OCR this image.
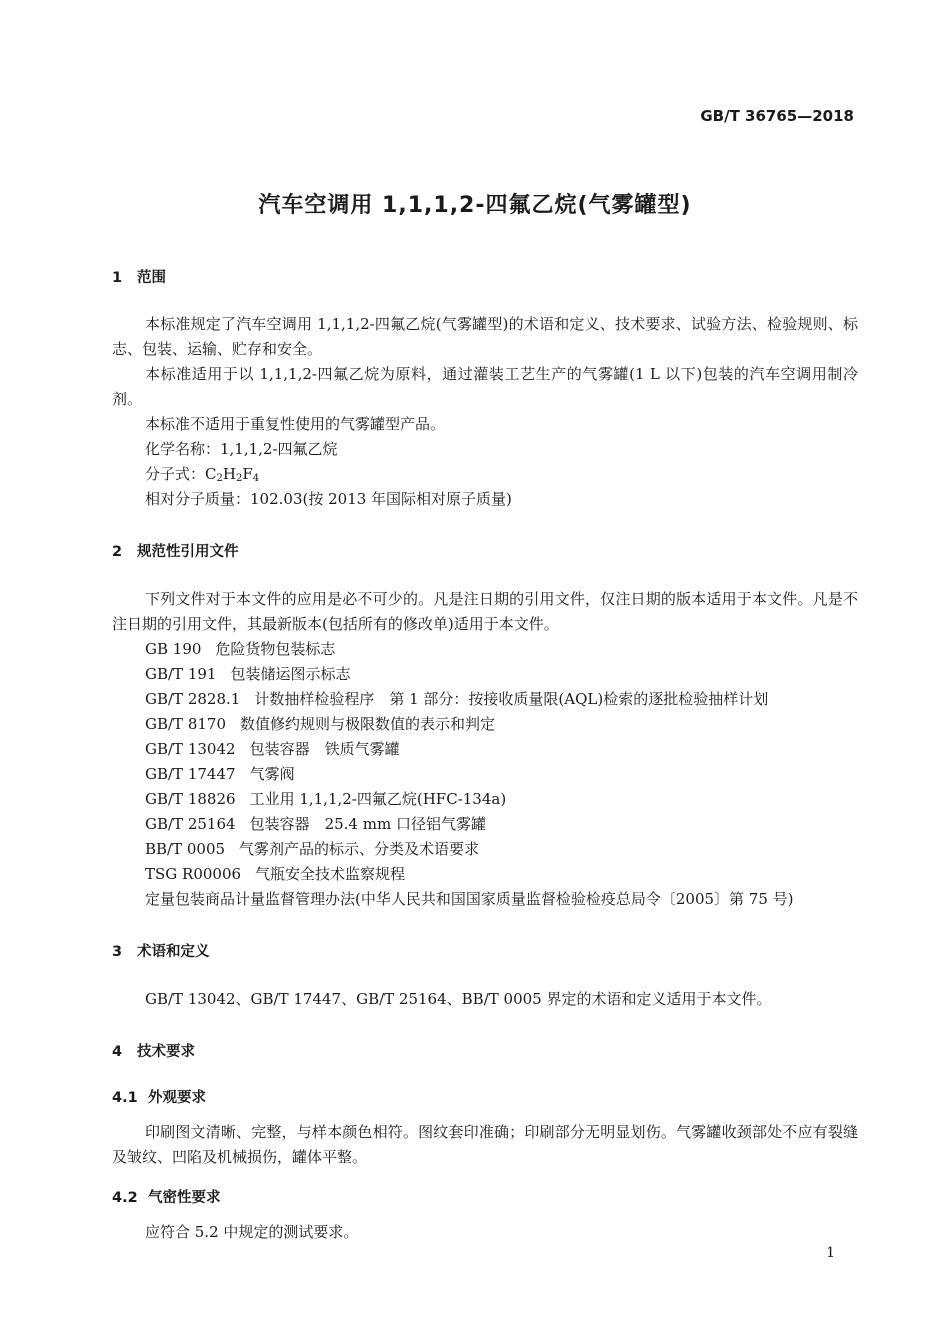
GB/T 36765—2018
汽车空调用 1,1,1,2-四氟乙烷(气雾罐型)
1 范围
本标准规定了汽车空调用 1,1,1,2-四氟乙烷(气雾罐型)的术语和定义、技术要求、试验方法、检验规则、标志、包装、运输、贮存和安全。
本标准适用于以 1,1,1,2-四氟乙烷为原料，通过灌装工艺生产的气雾罐(1 L 以下)包装的汽车空调用制冷剂。
本标准不适用于重复性使用的气雾罐型产品。
化学名称：1,1,1,2-四氟乙烷
分子式：$C_2H_2F_4$
相对分子质量：102.03(按 2013 年国际相对原子质量)
2 规范性引用文件
下列文件对于本文件的应用是必不可少的。凡是注日期的引用文件，仅注日期的版本适用于本文件。凡是不注日期的引用文件，其最新版本(包括所有的修改单)适用于本文件。
GB 190 危险货物包装标志
GB/T 191 包装储运图示标志
GB/T 2828.1 计数抽样检验程序　第 1 部分：按接收质量限(AQL)检索的逐批检验抽样计划
GB/T 8170 数值修约规则与极限数值的表示和判定
GB/T 13042 包装容器　铁质气雾罐
GB/T 17447 气雾阀
GB/T 18826 工业用 1,1,1,2-四氟乙烷(HFC-134a)
GB/T 25164 包装容器　25.4 mm 口径铝气雾罐
BB/T 0005 气雾剂产品的标示、分类及术语要求
TSG R00006 气瓶安全技术监察规程
定量包装商品计量监督管理办法(中华人民共和国国家质量监督检验检疫总局令〔2005〕第 75 号)
3 术语和定义
GB/T 13042、GB/T 17447、GB/T 25164、BB/T 0005 界定的术语和定义适用于本文件。
4 技术要求
4.1 外观要求
印刷图文清晰、完整，与样本颜色相符。图纹套印准确；印刷部分无明显划伤。气雾罐收颈部处不应有裂缝及皱纹、凹陷及机械损伤，罐体平整。
4.2 气密性要求
应符合 5.2 中规定的测试要求。
1
